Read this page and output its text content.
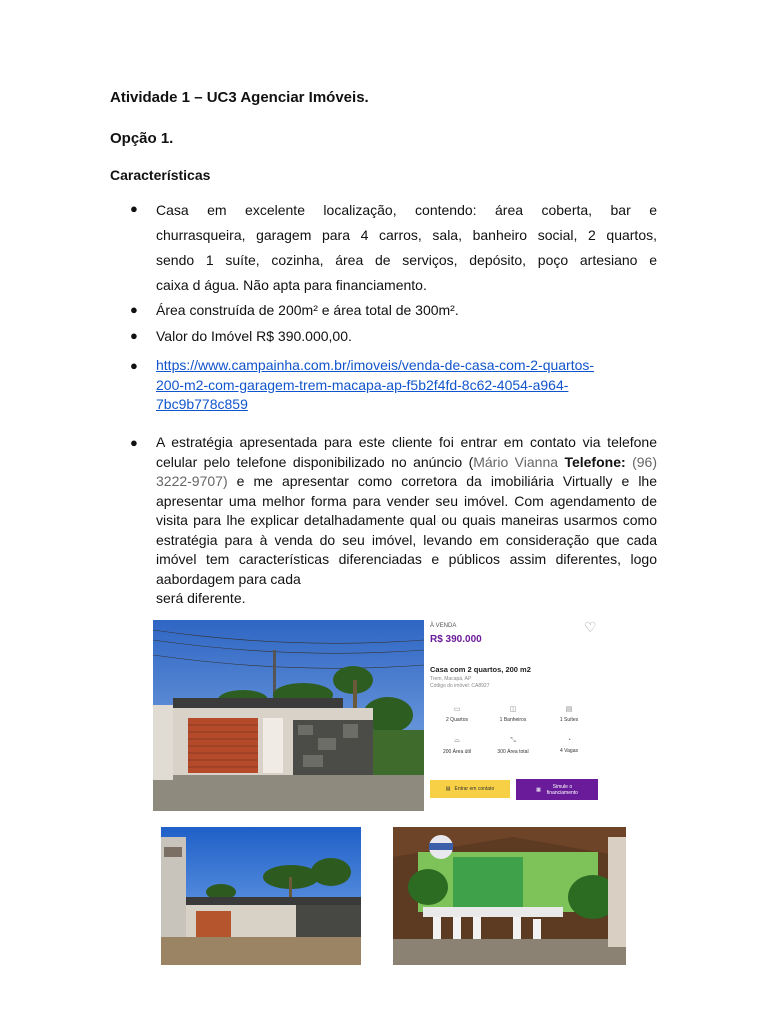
Atividade 1 – UC3 Agenciar Imóveis.
Opção 1.
Características
● Casa em excelente localização, contendo: área coberta, bar e
churrasqueira, garagem para 4 carros, sala, banheiro social, 2 quartos,
sendo 1 suíte, cozinha, área de serviços, depósito, poço artesiano e
caixa d água. Não apta para financiamento.
● Área construída de 200m² e área total de 300m².
● Valor do Imóvel R$ 390.000,00.
● https://www.campainha.com.br/imoveis/venda-de-casa-com-2-quartos-
200-m2-com-garagem-trem-macapa-ap-f5b2f4fd-8c62-4054-a964-
7bc9b778c859
● A estratégia apresentada para este cliente foi entrar em contato via telefone celular pelo telefone disponibilizado no anúncio (Mário Vianna Telefone: (96) 3222-9707) e me apresentar como corretora da imobiliária Virtually e lhe apresentar uma melhor forma para vender seu imóvel. Com agendamento de visita para lhe explicar detalhadamente qual ou quais maneiras usarmos como estratégia para à venda do seu imóvel, levando em consideração que cada imóvel tem características diferenciadas e públicos assim diferentes, logo aabordagem para cada
será diferente.
À VENDA
R$ 390.000
♡
Casa com 2 quartos, 200 m2
Trem, Macapá, AP
Código do imóvel: CA8927
▭
2 Quartos
◫
1 Banheiros
▤
1 Suítes
⌓
200 Área útil
⤡
300 Área total
◔
4 Vagas
▤ Entrar em contato	▦	Simule o
financiamento
